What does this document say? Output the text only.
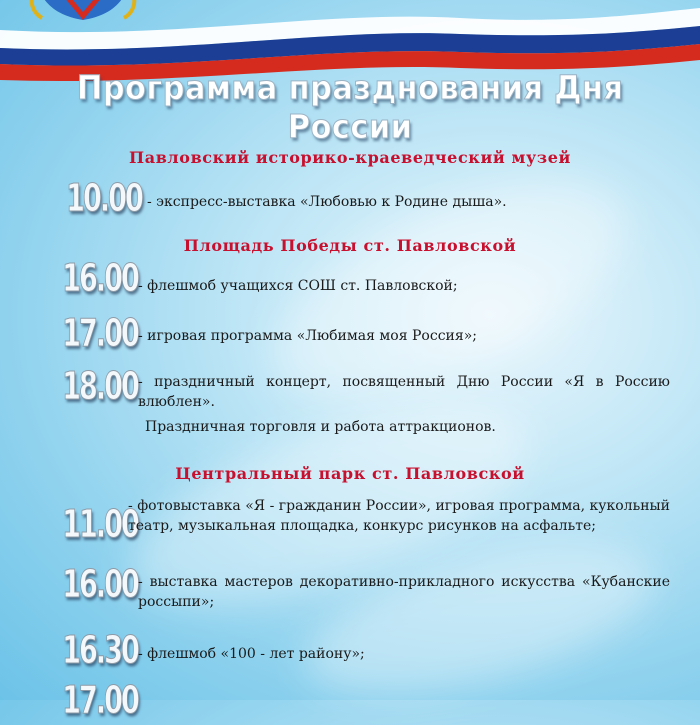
Программа празднования Дня России
Павловский историко-краеведческий музей
10.00 - экспресс-выставка «Любовью к Родине дыша».
Площадь Победы ст. Павловской
16.00 - флешмоб учащихся СОШ ст. Павловской;
17.00 - игровая программа «Любимая моя Россия»;
18.00 - праздничный концерт, посвященный Дню России «Я в Россию влюблен».
Праздничная торговля и работа аттракционов.
Центральный парк ст. Павловской
11.00
- фотовыставка «Я - гражданин России», игровая программа, кукольный театр, музыкальная площадка, конкурс рисунков на асфальте;
16.00 - выставка мастеров декоративно-прикладного искусства «Кубанские россыпи»;
16.30 - флешмоб «100 - лет району»;
17.00
